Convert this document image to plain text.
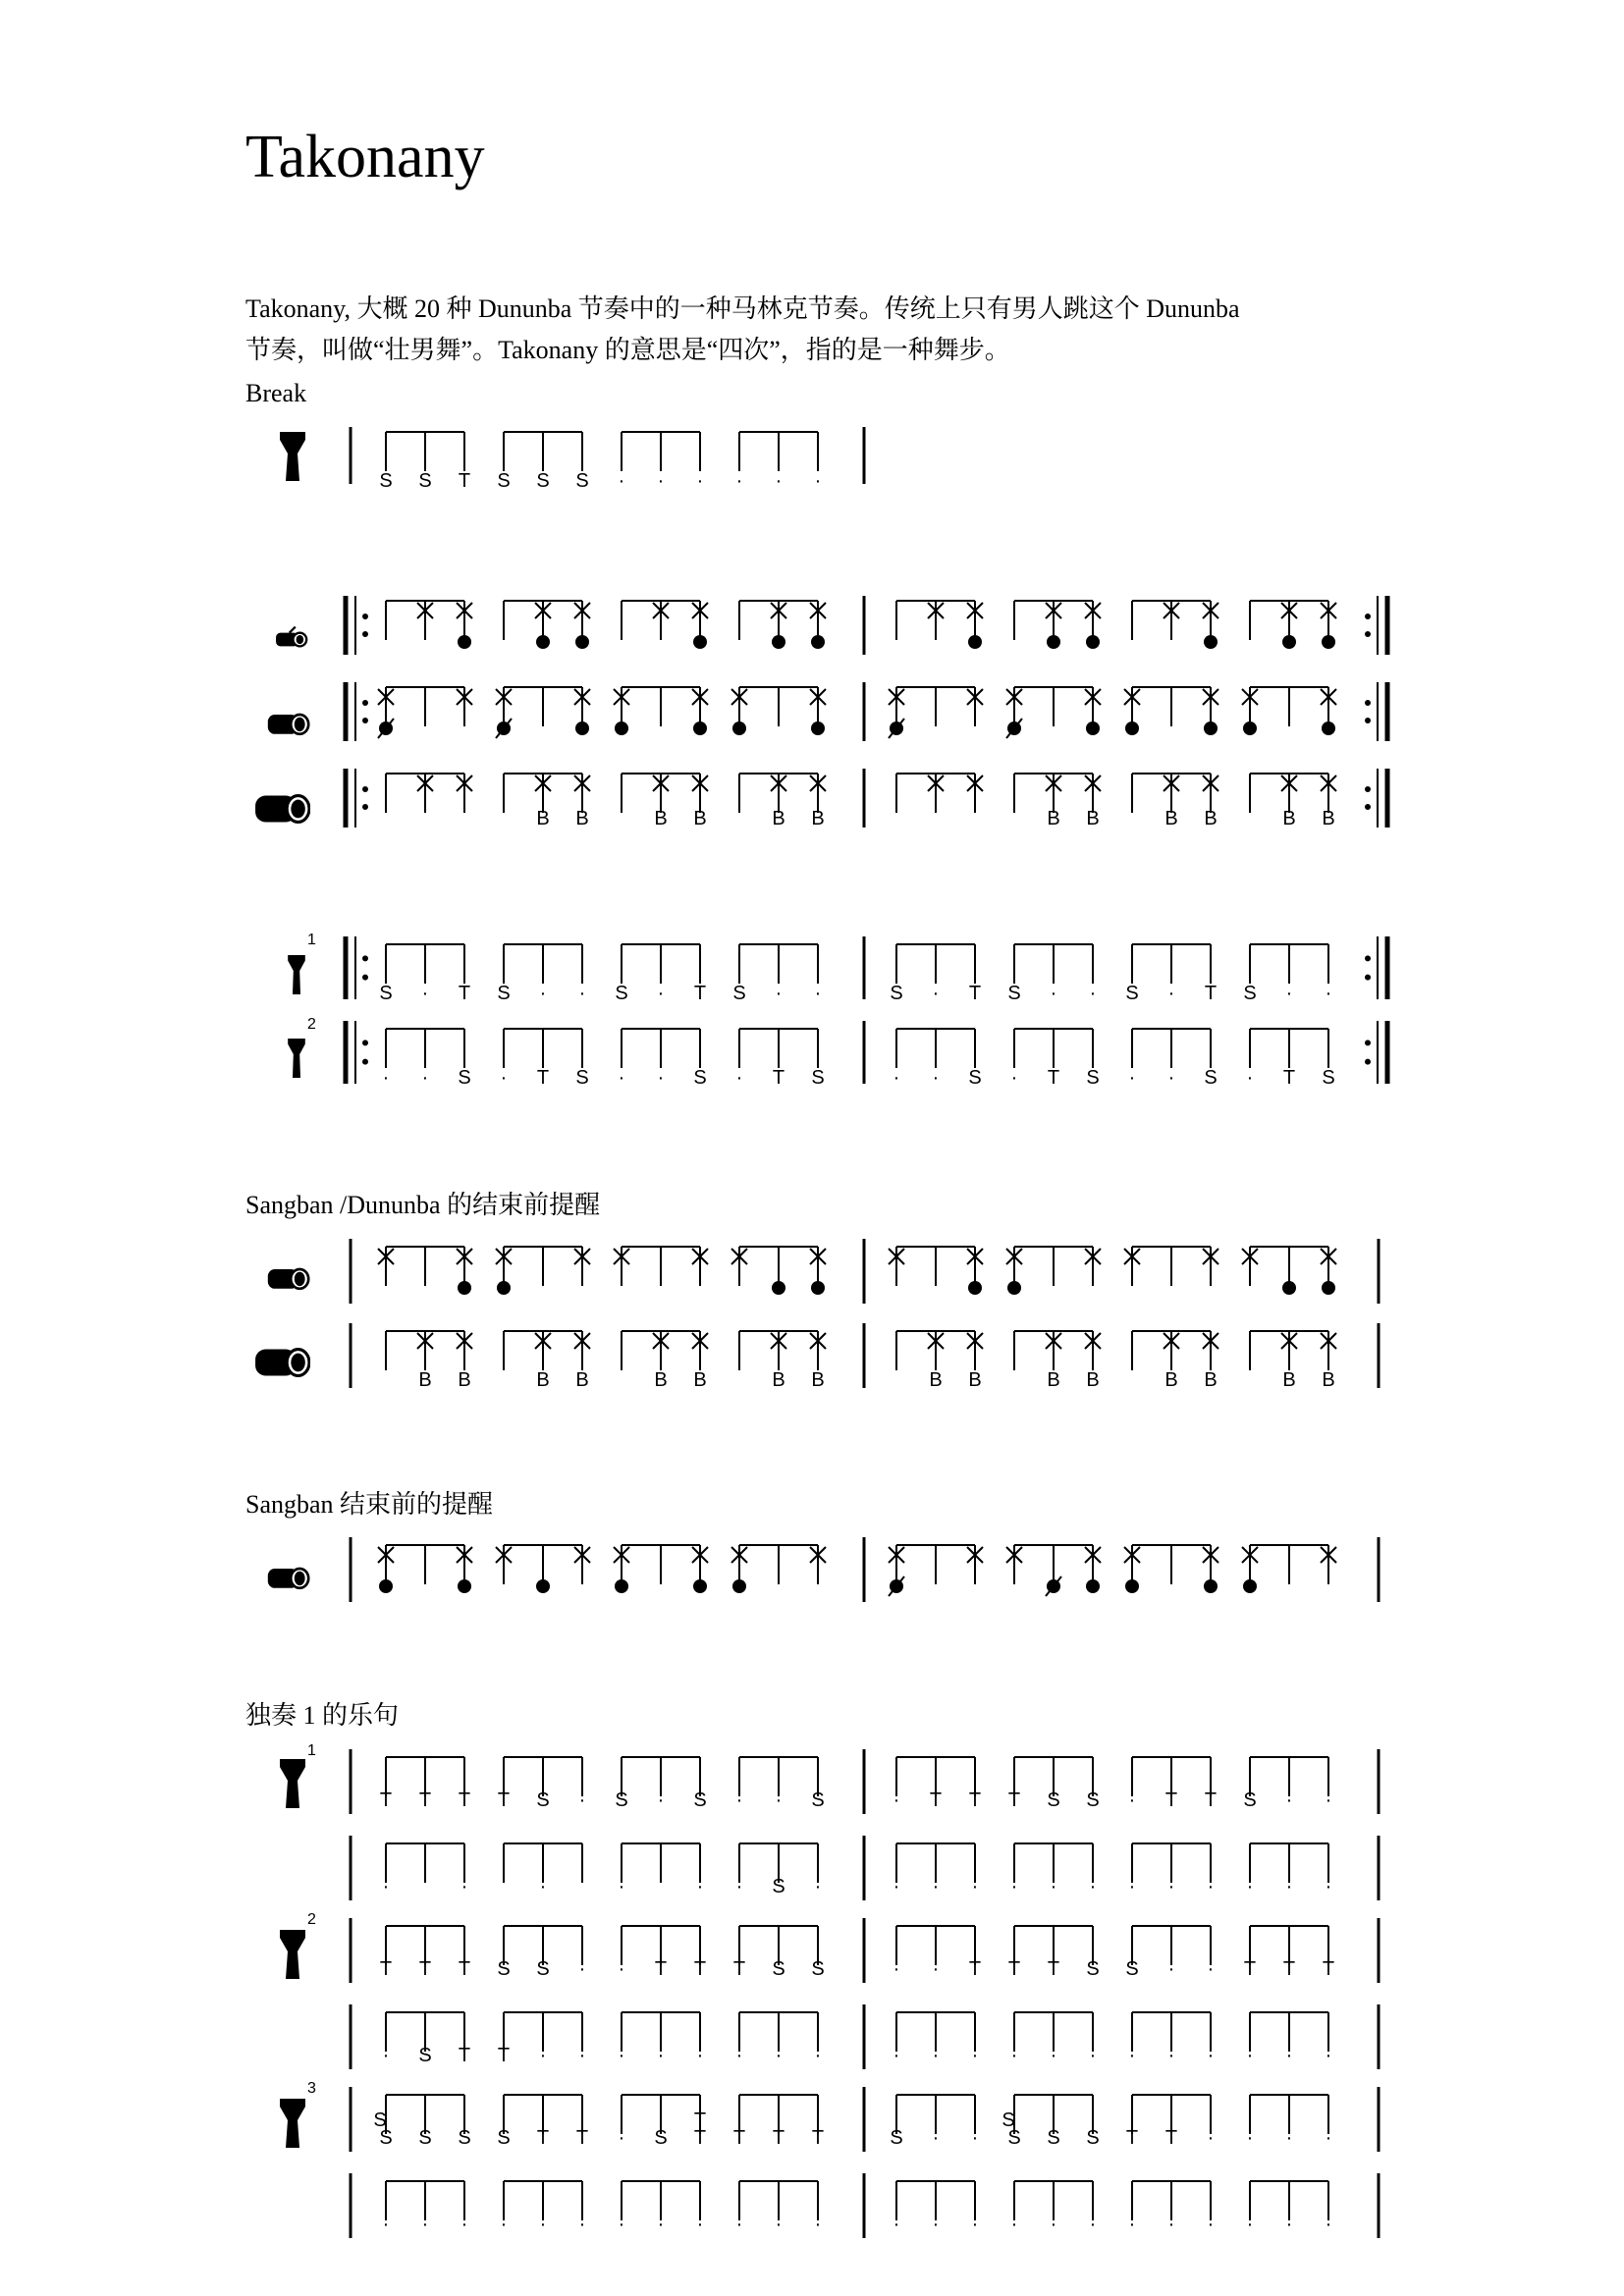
Takonany
Takonany, 大概 20 种 Dununba 节奏中的一种马林克节奏。传统上只有男人跳这个 Dununba
节奏，叫做“壮男舞”。Takonany 的意思是“四次”，指的是一种舞步。
Break
Sangban /Dununba 的结束前提醒
Sangban 结束前的提醒
独奏 1 的乐句
1
2
1
2
3
S S T S S S · · · · · ·
B B	B B	B B	B B	B B	B B
S · T S · · S · T S · ·	S · T S · · S · T S · ·
· · S · T S · · S · T S	· · S · T S · · S · T S
B B	B B	B B	B B	B B	B B	B B	B B
T T T T S · S · S · · S	· T T T S S · T T S · ·
·	·	·	·	· · S ·	· · · · · · · · · · · ·
T T T S S · · T T T S S	· · T T T S S · · T T T
· S T T · · · · · · · ·	· · · · · · · · · · · ·
S S S S T T · S T T T T	S · · S S S T T · · · ·
S	T	S
· · · · · · · · · · · ·	· · · · · · · · · · · ·
